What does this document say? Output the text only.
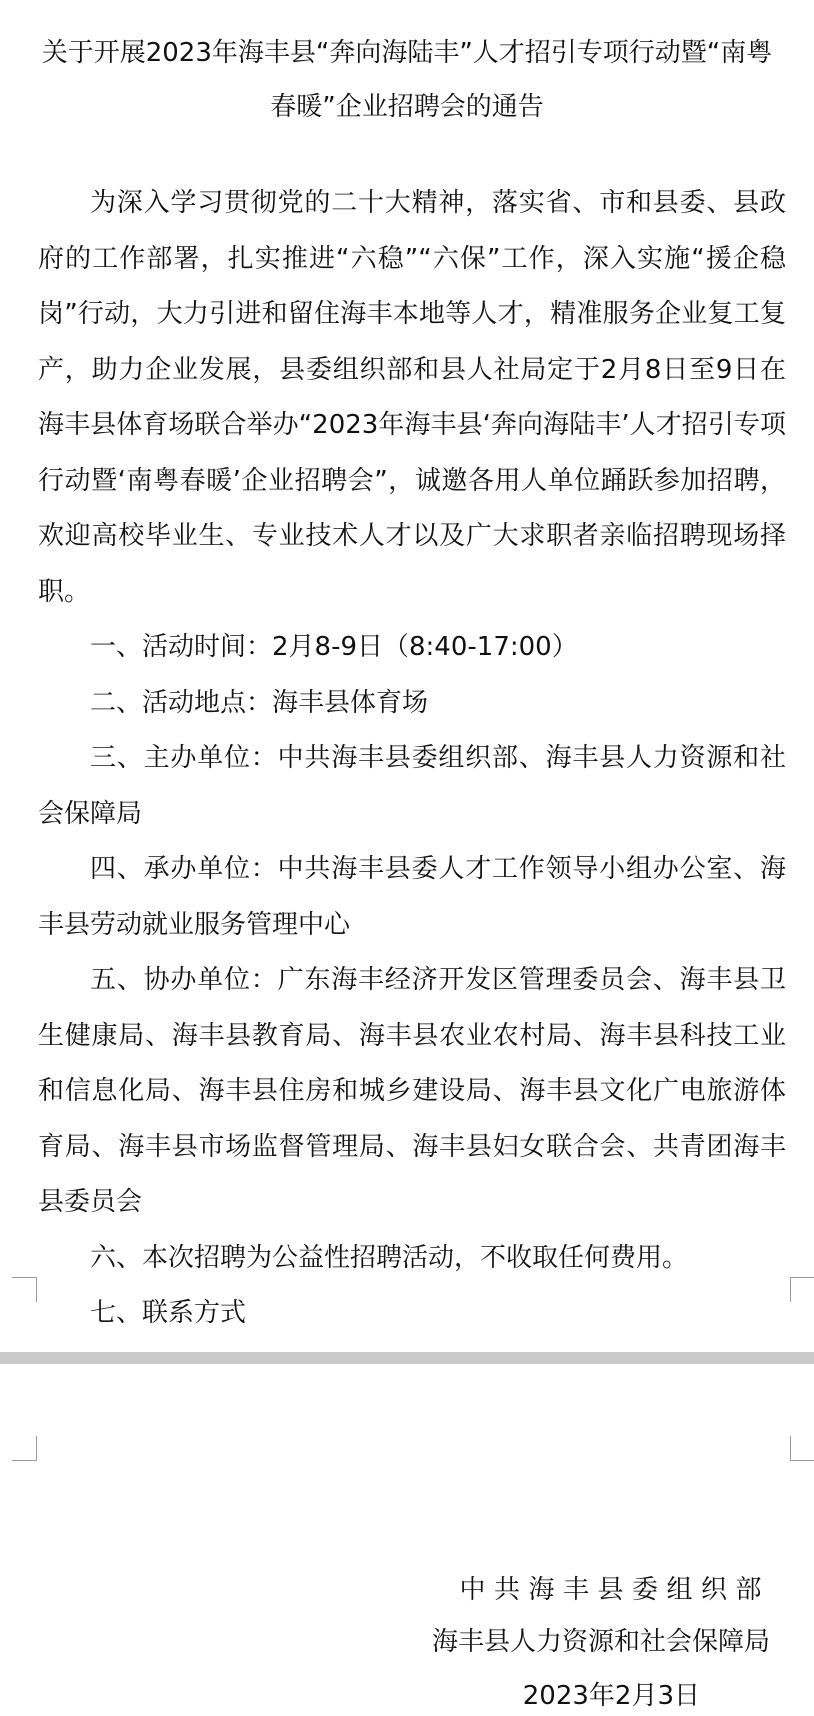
关于开展2023年海丰县“奔向海陆丰”人才招引专项行动暨“南粤春暖”企业招聘会的通告

为深入学习贯彻党的二十大精神，落实省、市和县委、县政府的工作部署，扎实推进“六稳”“六保”工作，深入实施“援企稳岗”行动，大力引进和留住海丰本地等人才，精准服务企业复工复产，助力企业发展，县委组织部和县人社局定于2月8日至9日在海丰县体育场联合举办“2023年海丰县‘奔向海陆丰’人才招引专项行动暨‘南粤春暖’企业招聘会”，诚邀各用人单位踊跃参加招聘，欢迎高校毕业生、专业技术人才以及广大求职者亲临招聘现场择职。

一、活动时间：2月8-9日（8:40-17:00）

二、活动地点：海丰县体育场

三、主办单位：中共海丰县委组织部、海丰县人力资源和社会保障局

四、承办单位：中共海丰县委人才工作领导小组办公室、海丰县劳动就业服务管理中心

五、协办单位：广东海丰经济开发区管理委员会、海丰县卫生健康局、海丰县教育局、海丰县农业农村局、海丰县科技工业和信息化局、海丰县住房和城乡建设局、海丰县文化广电旅游体育局、海丰县市场监督管理局、海丰县妇女联合会、共青团海丰县委员会

六、本次招聘为公益性招聘活动，不收取任何费用。

七、联系方式

中共海丰县委组织部
海丰县人力资源和社会保障局
2023年2月3日
